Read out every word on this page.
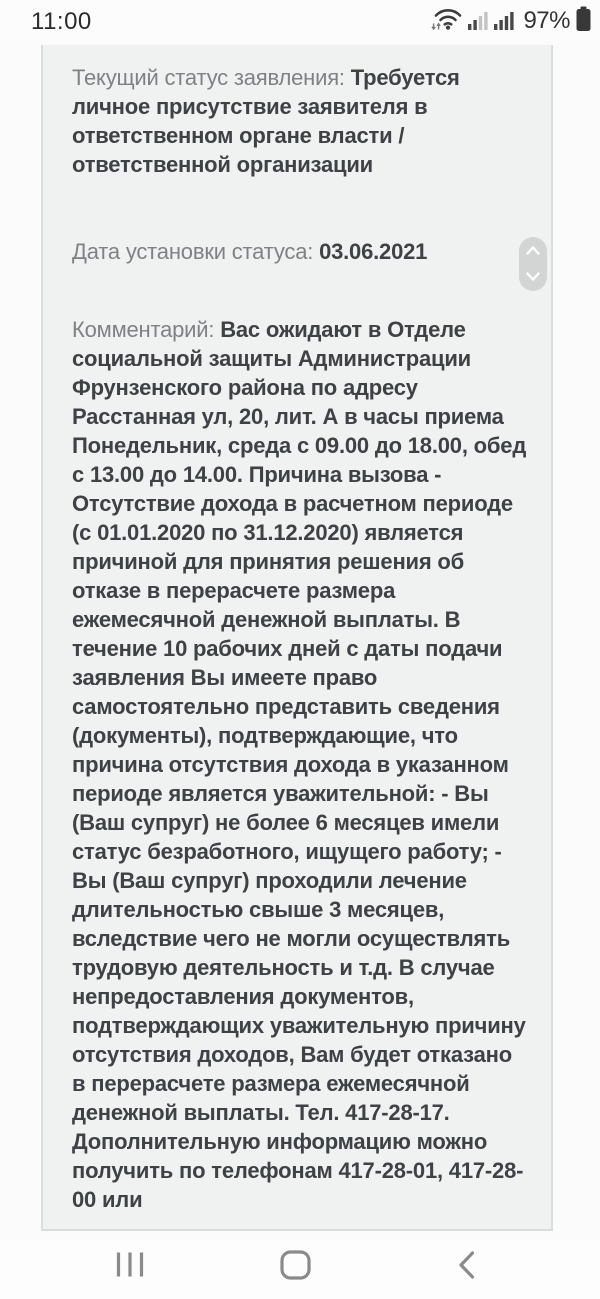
11:00	97%

Текущий статус заявления: Требуется личное присутствие заявителя в ответственном органе власти / ответственной организации

Дата установки статуса: 03.06.2021

Комментарий: Вас ожидают в Отделе социальной защиты Администрации Фрунзенского района по адресу Расстанная ул, 20, лит. А в часы приема Понедельник, среда с 09.00 до 18.00, обед с 13.00 до 14.00. Причина вызова - Отсутствие дохода в расчетном периоде (с 01.01.2020 по 31.12.2020) является причиной для принятия решения об отказе в перерасчете размера ежемесячной денежной выплаты. В течение 10 рабочих дней с даты подачи заявления Вы имеете право самостоятельно представить сведения (документы), подтверждающие, что причина отсутствия дохода в указанном периоде является уважительной: - Вы (Ваш супруг) не более 6 месяцев имели статус безработного, ищущего работу; - Вы (Ваш супруг) проходили лечение длительностью свыше 3 месяцев, вследствие чего не могли осуществлять трудовую деятельность и т.д. В случае непредоставления документов, подтверждающих уважительную причину отсутствия доходов, Вам будет отказано в перерасчете размера ежемесячной денежной выплаты. Тел. 417-28-17. Дополнительную информацию можно получить по телефонам 417-28-01, 417-28-00 или
